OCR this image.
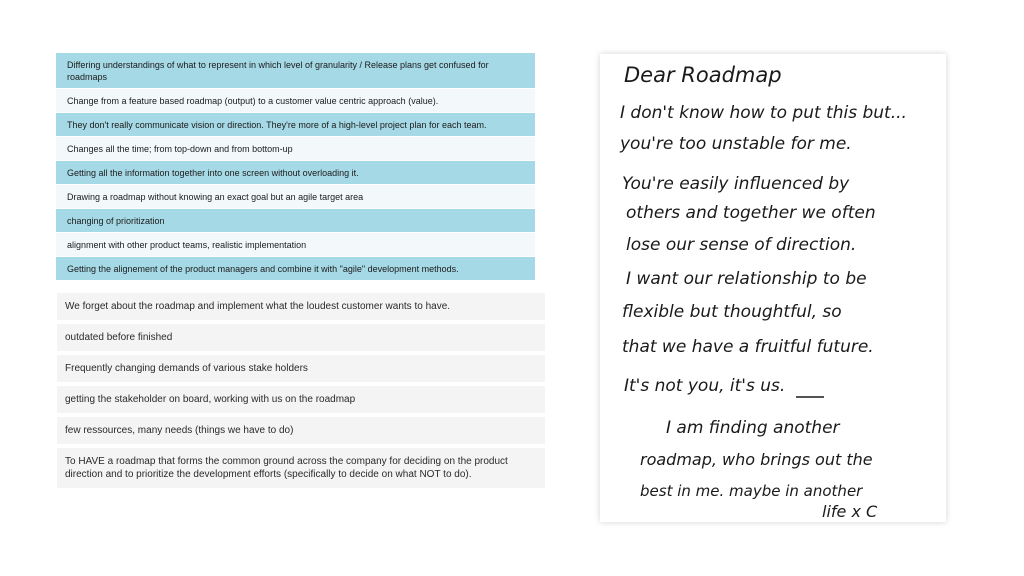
Differing understandings of what to represent in which level of granularity / Release plans get confused for roadmaps
Change from a feature based roadmap (output) to a customer value centric approach (value).
They don't really communicate vision or direction. They're more of a high-level project plan for each team.
Changes all the time; from top-down and from bottom-up
Getting all the information together into one screen without overloading it.
Drawing a roadmap without knowing an exact goal but an agile target area
changing of prioritization
alignment with other product teams, realistic implementation
Getting the alignement of the product managers and combine it with "agile" development methods.
We forget about the roadmap and implement what the loudest customer wants to have.
outdated before finished
Frequently changing demands of various stake holders
getting the stakeholder on board, working with us on the roadmap
few ressources, many needs (things we have to do)
To HAVE a roadmap that forms the common ground across the company for deciding on the product direction and to prioritize the development efforts (specifically to decide on what NOT to do).
Dear Roadmap
I don't know how to put this but...
you're too unstable for me.
You're easily influenced by
others and together we often
lose our sense of direction.
I want our relationship to be
flexible but thoughtful, so
that we have a fruitful future.
It's not you, it's us.
I am finding another
roadmap, who brings out the
best in me. maybe in another
life x C
